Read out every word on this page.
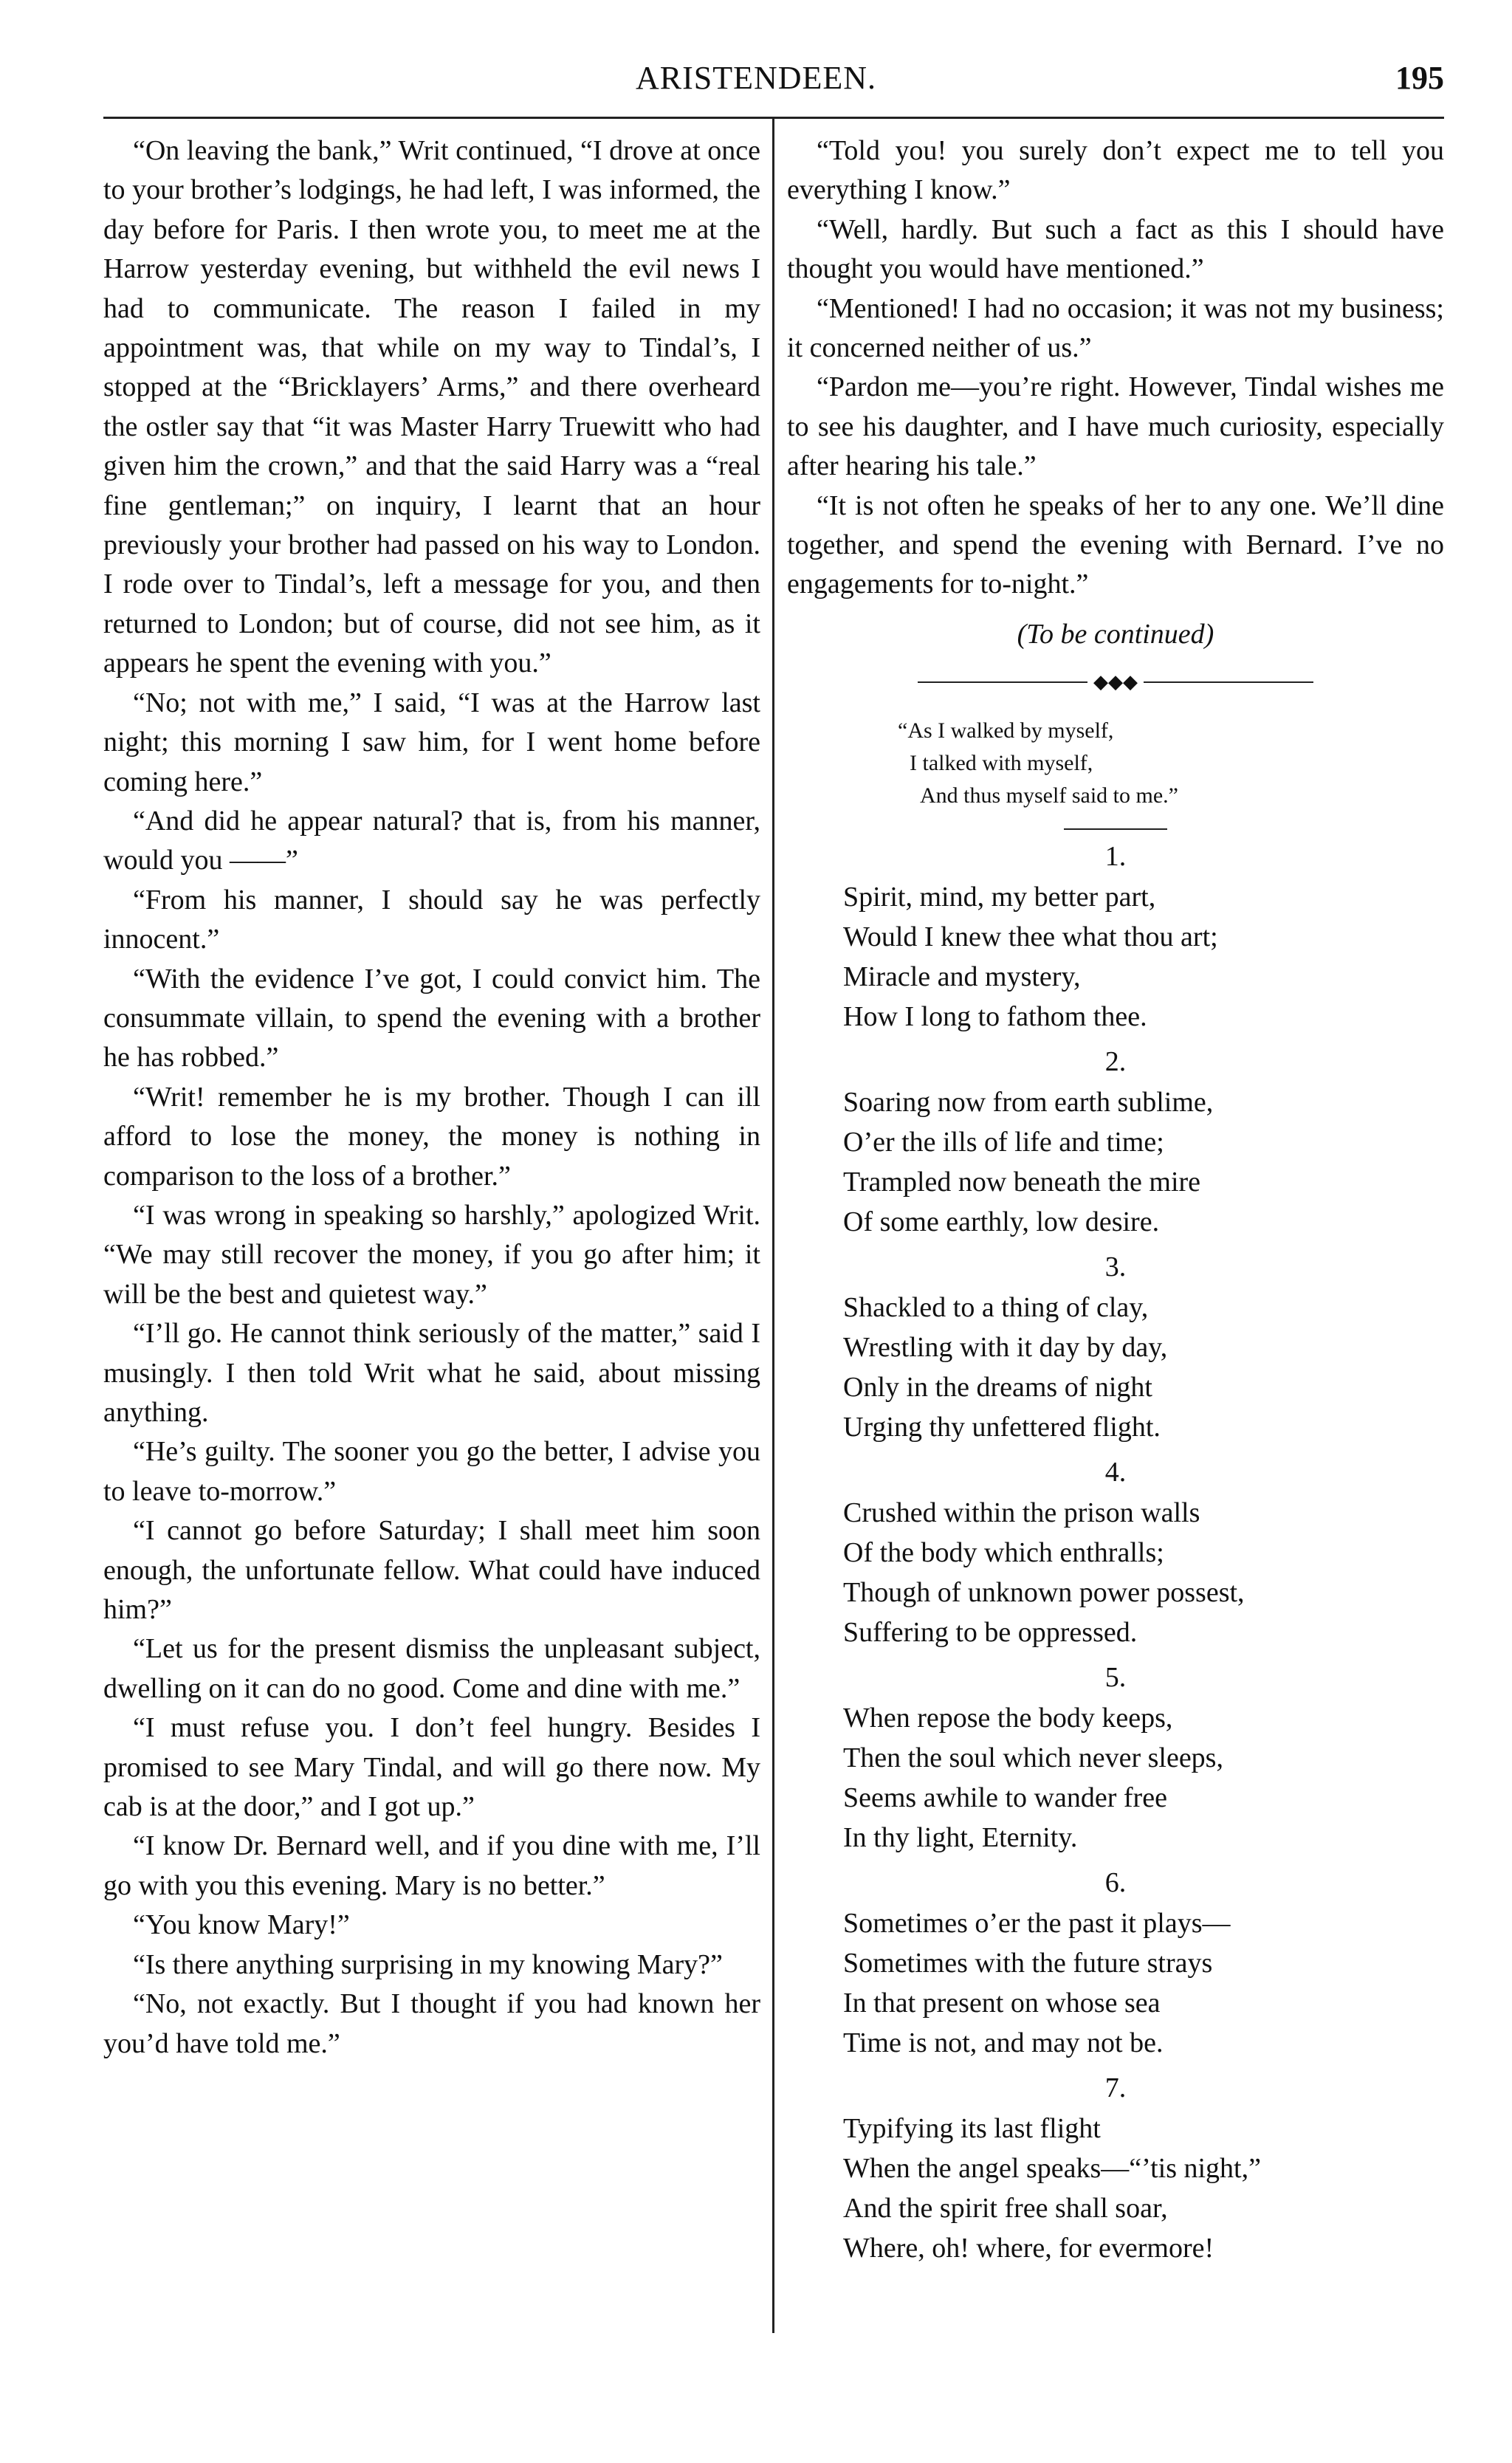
ARISTENDEEN.	195

“On leaving the bank,” Writ continued, “I drove at once to your brother’s lodgings, he had left, I was informed, the day before for Paris. I then wrote you, to meet me at the Harrow yesterday evening, but withheld the evil news I had to communicate. The reason I failed in my appointment was, that while on my way to Tindal’s, I stopped at the “Bricklayers’ Arms,” and there overheard the ostler say that “it was Master Harry Truewitt who had given him the crown,” and that the said Harry was a “real fine gentleman;” on inquiry, I learnt that an hour previously your brother had passed on his way to London. I rode over to Tindal’s, left a message for you, and then returned to London; but of course, did not see him, as it appears he spent the evening with you.”

“No; not with me,” I said, “I was at the Harrow last night; this morning I saw him, for I went home before coming here.”

“And did he appear natural? that is, from his manner, would you ——”

“From his manner, I should say he was perfectly innocent.”

“With the evidence I’ve got, I could convict him. The consummate villain, to spend the evening with a brother he has robbed.”

“Writ! remember he is my brother. Though I can ill afford to lose the money, the money is nothing in comparison to the loss of a brother.”

“I was wrong in speaking so harshly,” apologized Writ. “We may still recover the money, if you go after him; it will be the best and quietest way.”

“I’ll go. He cannot think seriously of the matter,” said I musingly. I then told Writ what he said, about missing anything.

“He’s guilty. The sooner you go the better, I advise you to leave to-morrow.”

“I cannot go before Saturday; I shall meet him soon enough, the unfortunate fellow. What could have induced him?”

“Let us for the present dismiss the unpleasant subject, dwelling on it can do no good. Come and dine with me.”

“I must refuse you. I don’t feel hungry. Besides I promised to see Mary Tindal, and will go there now. My cab is at the door,” and I got up.”

“I know Dr. Bernard well, and if you dine with me, I’ll go with you this evening. Mary is no better.”

“You know Mary!”

“Is there anything surprising in my knowing Mary?”

“No, not exactly. But I thought if you had known her you’d have told me.”

“Told you! you surely don’t expect me to tell you everything I know.”

“Well, hardly. But such a fact as this I should have thought you would have mentioned.”

“Mentioned! I had no occasion; it was not my business; it concerned neither of us.”

“Pardon me—you’re right. However, Tindal wishes me to see his daughter, and I have much curiosity, especially after hearing his tale.”

“It is not often he speaks of her to any one. We’ll dine together, and spend the evening with Bernard. I’ve no engagements for to-night.”

(To be continued)
◆◆◆
“As I walked by myself,
I talked with myself,
And thus myself said to me.”
1.
Spirit, mind, my better part,
Would I knew thee what thou art;
Miracle and mystery,
How I long to fathom thee.
2.
Soaring now from earth sublime,
O’er the ills of life and time;
Trampled now beneath the mire
Of some earthly, low desire.
3.
Shackled to a thing of clay,
Wrestling with it day by day,
Only in the dreams of night
Urging thy unfettered flight.
4.
Crushed within the prison walls
Of the body which enthralls;
Though of unknown power possest,
Suffering to be oppressed.
5.
When repose the body keeps,
Then the soul which never sleeps,
Seems awhile to wander free
In thy light, Eternity.
6.
Sometimes o’er the past it plays—
Sometimes with the future strays
In that present on whose sea
Time is not, and may not be.
7.
Typifying its last flight
When the angel speaks—“’tis night,”
And the spirit free shall soar,
Where, oh! where, for evermore!
